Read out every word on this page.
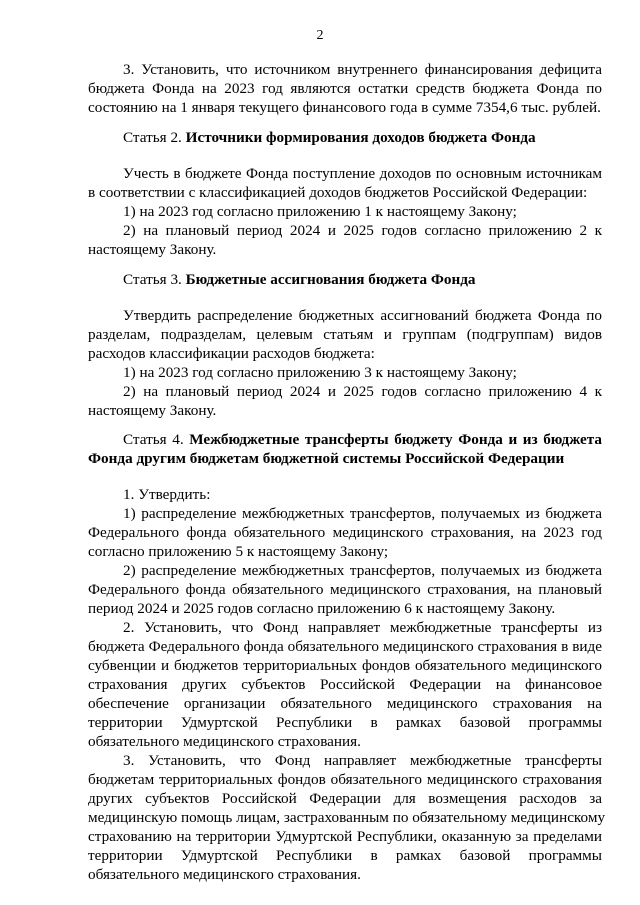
2
3. Установить, что источником внутреннего финансирования дефицита
бюджета Фонда на 2023 год являются остатки средств бюджета Фонда по
состоянию на 1 января текущего финансового года в сумме 7354,6 тыс. рублей.
Статья 2. Источники формирования доходов бюджета Фонда
Учесть в бюджете Фонда поступление доходов по основным источникам
в соответствии с классификацией доходов бюджетов Российской Федерации:
1) на 2023 год согласно приложению 1 к настоящему Закону;
2) на плановый период 2024 и 2025 годов согласно приложению 2 к
настоящему Закону.
Статья 3. Бюджетные ассигнования бюджета Фонда
Утвердить распределение бюджетных ассигнований бюджета Фонда по
разделам, подразделам, целевым статьям и группам (подгруппам) видов
расходов классификации расходов бюджета:
1) на 2023 год согласно приложению 3 к настоящему Закону;
2) на плановый период 2024 и 2025 годов согласно приложению 4 к
настоящему Закону.
Статья 4. Межбюджетные трансферты бюджету Фонда и из бюджета
Фонда другим бюджетам бюджетной системы Российской Федерации
1. Утвердить:
1) распределение межбюджетных трансфертов, получаемых из бюджета
Федерального фонда обязательного медицинского страхования, на 2023 год
согласно приложению 5 к настоящему Закону;
2) распределение межбюджетных трансфертов, получаемых из бюджета
Федерального фонда обязательного медицинского страхования, на плановый
период 2024 и 2025 годов согласно приложению 6 к настоящему Закону.
2. Установить, что Фонд направляет межбюджетные трансферты из
бюджета Федерального фонда обязательного медицинского страхования в виде
субвенции и бюджетов территориальных фондов обязательного медицинского
страхования других субъектов Российской Федерации на финансовое
обеспечение организации обязательного медицинского страхования на
территории Удмуртской Республики в рамках базовой программы
обязательного медицинского страхования.
3. Установить, что Фонд направляет межбюджетные трансферты
бюджетам территориальных фондов обязательного медицинского страхования
других субъектов Российской Федерации для возмещения расходов за
медицинскую помощь лицам, застрахованным по обязательному медицинскому
страхованию на территории Удмуртской Республики, оказанную за пределами
территории Удмуртской Республики в рамках базовой программы
обязательного медицинского страхования.
